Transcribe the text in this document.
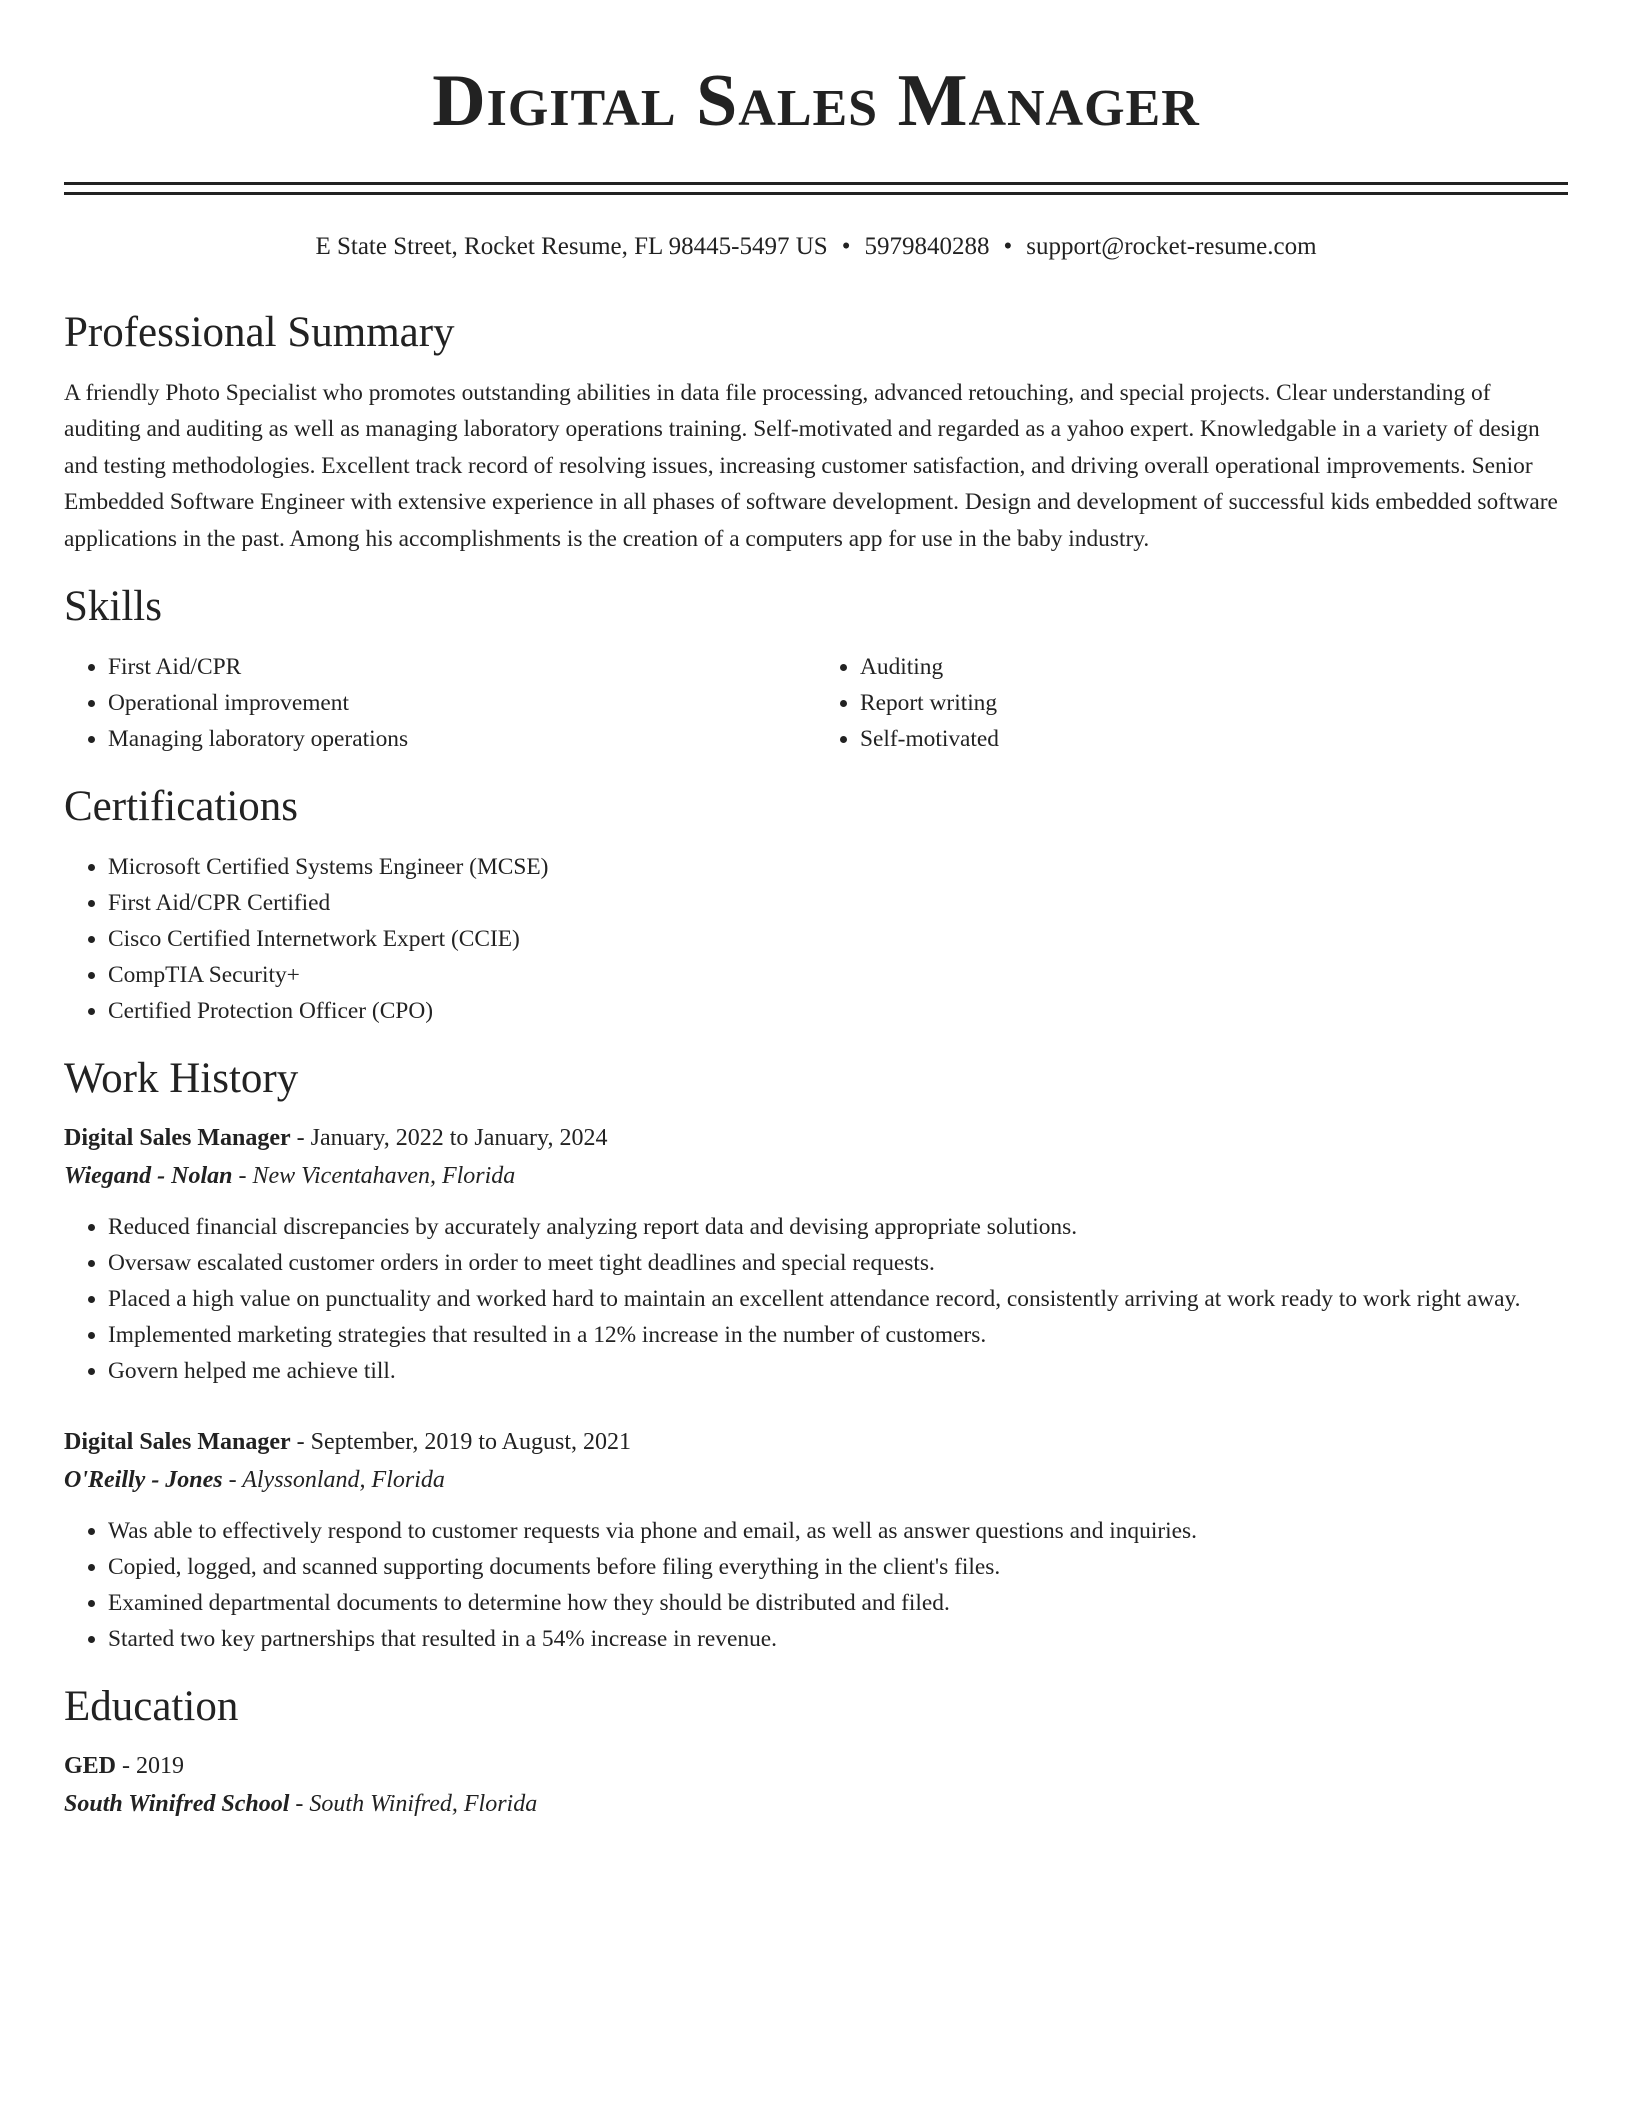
Digital Sales Manager
E State Street, Rocket Resume, FL 98445-5497 US • 5979840288 • support@rocket-resume.com
Professional Summary

A friendly Photo Specialist who promotes outstanding abilities in data file processing, advanced retouching, and special projects. Clear understanding of auditing and auditing as well as managing laboratory operations training. Self-motivated and regarded as a yahoo expert. Knowledgable in a variety of design and testing methodologies. Excellent track record of resolving issues, increasing customer satisfaction, and driving overall operational improvements. Senior Embedded Software Engineer with extensive experience in all phases of software development. Design and development of successful kids embedded software applications in the past. Among his accomplishments is the creation of a computers app for use in the baby industry.

Skills
• First Aid/CPR
• Operational improvement
• Managing laboratory operations
• Auditing
• Report writing
• Self-motivated
Certifications
• Microsoft Certified Systems Engineer (MCSE)
• First Aid/CPR Certified
• Cisco Certified Internetwork Expert (CCIE)
• CompTIA Security+
• Certified Protection Officer (CPO)
Work History
Digital Sales Manager - January, 2022 to January, 2024
Wiegand - Nolan - New Vicentahaven, Florida
• Reduced financial discrepancies by accurately analyzing report data and devising appropriate solutions.
• Oversaw escalated customer orders in order to meet tight deadlines and special requests.
• Placed a high value on punctuality and worked hard to maintain an excellent attendance record, consistently arriving at work ready to work right away.
• Implemented marketing strategies that resulted in a 12% increase in the number of customers.
• Govern helped me achieve till.
Digital Sales Manager - September, 2019 to August, 2021
O'Reilly - Jones - Alyssonland, Florida
• Was able to effectively respond to customer requests via phone and email, as well as answer questions and inquiries.
• Copied, logged, and scanned supporting documents before filing everything in the client's files.
• Examined departmental documents to determine how they should be distributed and filed.
• Started two key partnerships that resulted in a 54% increase in revenue.
Education
GED - 2019
South Winifred School - South Winifred, Florida
